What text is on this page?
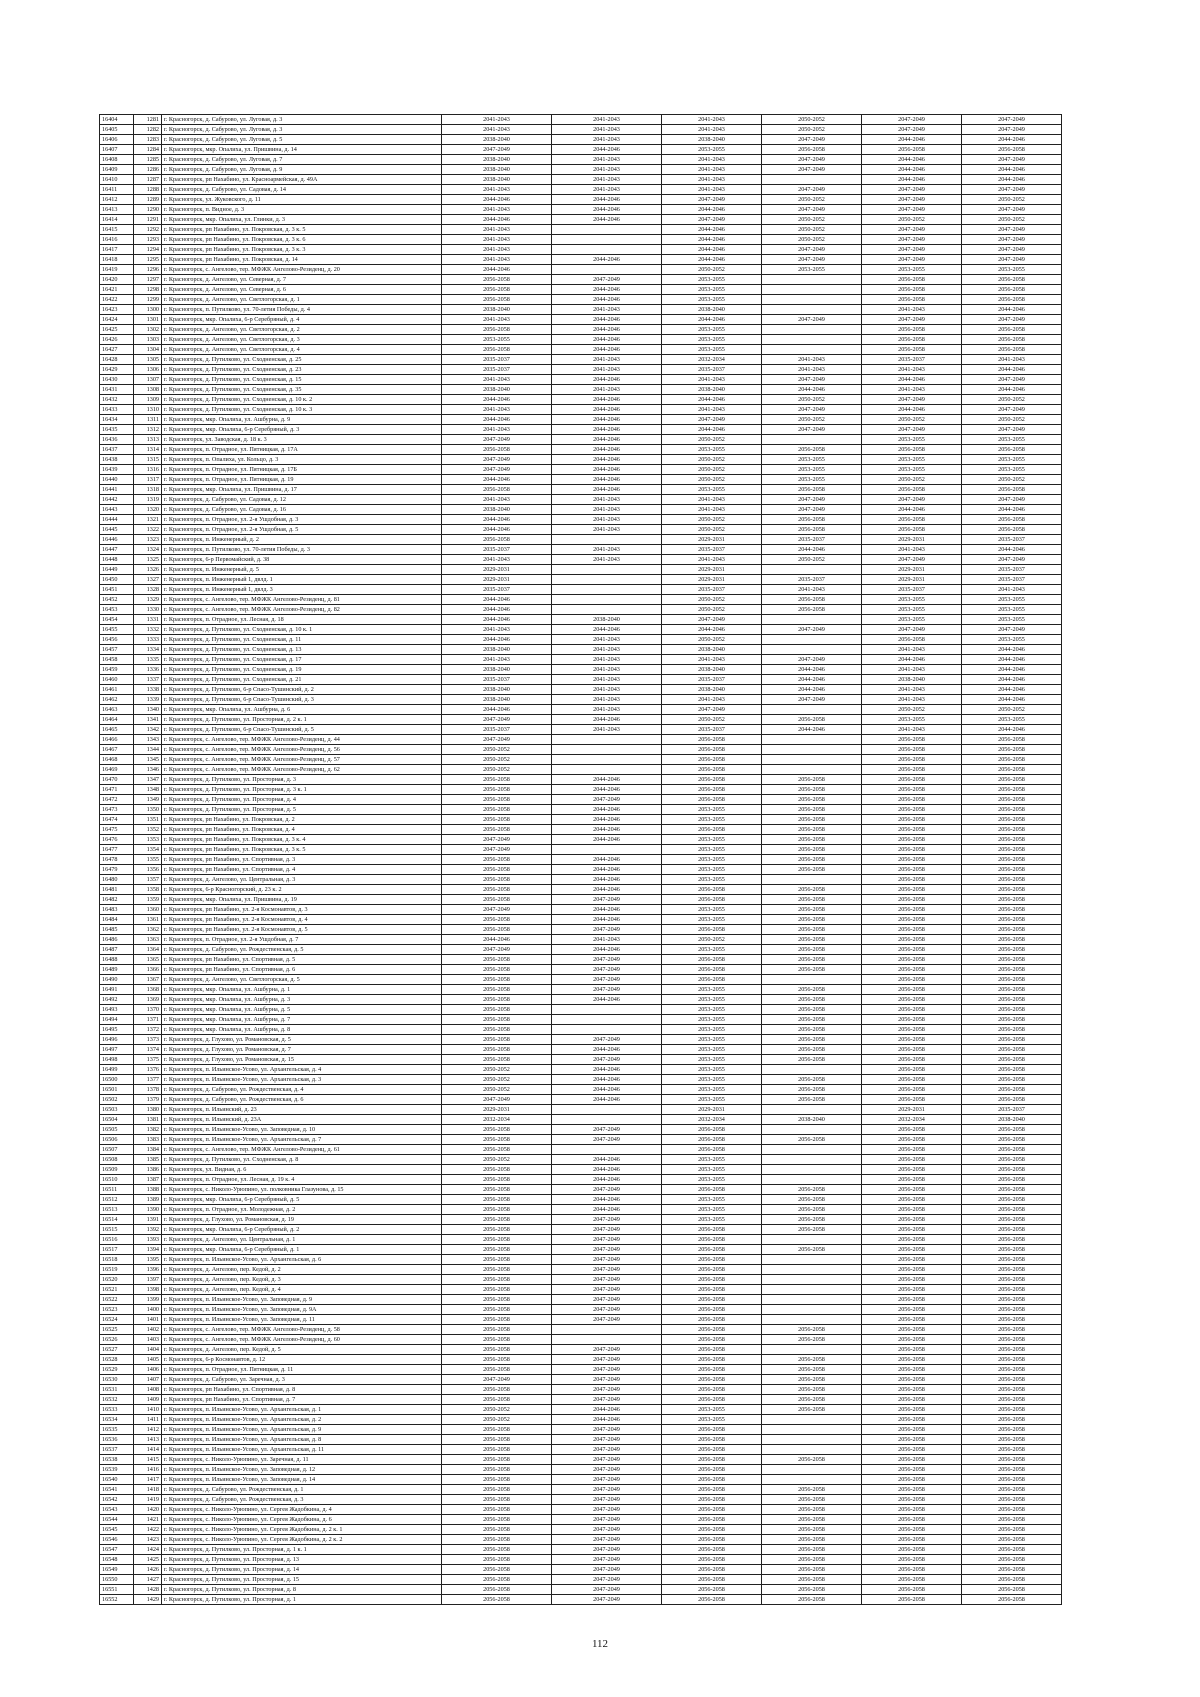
16404	1281	г. Красногорск, д. Сабурово, ул. Луговая, д. 3	2041-2043	2041-2043	2041-2043	2050-2052	2047-2049	2047-2049
16405	1282	г. Красногорск, д. Сабурово, ул. Луговая, д. 3	2041-2043	2041-2043	2041-2043	2050-2052	2047-2049	2047-2049
16406	1283	г. Красногорск, д. Сабурово, ул. Луговая, д. 5	2038-2040	2041-2043	2038-2040	2047-2049	2044-2046	2044-2046
16407	1284	г. Красногорск, мкр. Опалиха, ул. Пришвина, д. 14	2047-2049	2044-2046	2053-2055	2056-2058	2056-2058	2056-2058
16408	1285	г. Красногорск, д. Сабурово, ул. Луговая, д. 7	2038-2040	2041-2043	2041-2043	2047-2049	2044-2046	2047-2049
16409	1286	г. Красногорск, д. Сабурово, ул. Луговая, д. 9	2038-2040	2041-2043	2041-2043	2047-2049	2044-2046	2044-2046
16410	1287	г. Красногорск, рп Нахабино, ул. Красноармейская, д. 49А	2038-2040	2041-2043	2041-2043		2044-2046	2044-2046
16411	1288	г. Красногорск, д. Сабурово, ул. Садовая, д. 14	2041-2043	2041-2043	2041-2043	2047-2049	2047-2049	2047-2049
16412	1289	г. Красногорск, ул. Жуковского, д. 11	2044-2046	2044-2046	2047-2049	2050-2052	2047-2049	2050-2052
16413	1290	г. Красногорск, п. Видное, д. 3	2041-2043	2044-2046	2044-2046	2047-2049	2047-2049	2047-2049
16414	1291	г. Красногорск, мкр. Опалиха, ул. Глинки, д. 3	2044-2046	2044-2046	2047-2049	2050-2052	2050-2052	2050-2052
16415	1292	г. Красногорск, рп Нахабино, ул. Покровская, д. 3 к. 5	2041-2043		2044-2046	2050-2052	2047-2049	2047-2049
16416	1293	г. Красногорск, рп Нахабино, ул. Покровская, д. 3 к. 6	2041-2043		2044-2046	2050-2052	2047-2049	2047-2049
16417	1294	г. Красногорск, рп Нахабино, ул. Покровская, д. 3 к. 3	2041-2043		2044-2046	2047-2049	2047-2049	2047-2049
16418	1295	г. Красногорск, рп Нахабино, ул. Покровская, д. 14	2041-2043	2044-2046	2044-2046	2047-2049	2047-2049	2047-2049
16419	1296	г. Красногорск, с. Ангелово, тер. МФЖК Ангелово-Резиденц, д. 20	2044-2046		2050-2052	2053-2055	2053-2055	2053-2055
16420	1297	г. Красногорск, д. Ангелово, ул. Северная, д. 7	2056-2058	2047-2049	2053-2055		2056-2058	2056-2058
16421	1298	г. Красногорск, д. Ангелово, ул. Северная, д. 6	2056-2058	2044-2046	2053-2055		2056-2058	2056-2058
16422	1299	г. Красногорск, д. Ангелово, ул. Светлогорская, д. 1	2056-2058	2044-2046	2053-2055		2056-2058	2056-2058
16423	1300	г. Красногорск, п. Путилково, ул. 70-летия Победы, д. 4	2038-2040	2041-2043	2038-2040		2041-2043	2044-2046
16424	1301	г. Красногорск, мкр. Опалиха, 6-р Серебряный, д. 4	2041-2043	2044-2046	2044-2046	2047-2049	2047-2049	2047-2049
16425	1302	г. Красногорск, д. Ангелово, ул. Светлогорская, д. 2	2056-2058	2044-2046	2053-2055		2056-2058	2056-2058
16426	1303	г. Красногорск, д. Ангелово, ул. Светлогорская, д. 3	2053-2055	2044-2046	2053-2055		2056-2058	2056-2058
16427	1304	г. Красногорск, д. Ангелово, ул. Светлогорская, д. 4	2056-2058	2044-2046	2053-2055		2056-2058	2056-2058
16428	1305	г. Красногорск, д. Путилково, ул. Сходненская, д. 25	2035-2037	2041-2043	2032-2034	2041-2043	2035-2037	2041-2043
16429	1306	г. Красногорск, д. Путилково, ул. Сходненская, д. 23	2035-2037	2041-2043	2035-2037	2041-2043	2041-2043	2044-2046
16430	1307	г. Красногорск, д. Путилково, ул. Сходненская, д. 15	2041-2043	2044-2046	2041-2043	2047-2049	2044-2046	2047-2049
16431	1308	г. Красногорск, д. Путилково, ул. Сходненская, д. 35	2038-2040	2041-2043	2038-2040	2044-2046	2041-2043	2044-2046
16432	1309	г. Красногорск, д. Путилково, ул. Сходненская, д. 10 к. 2	2044-2046	2044-2046	2044-2046	2050-2052	2047-2049	2050-2052
16433	1310	г. Красногорск, д. Путилково, ул. Сходненская, д. 10 к. 3	2041-2043	2044-2046	2041-2043	2047-2049	2044-2046	2047-2049
16434	1311	г. Красногорск, мкр. Опалиха, ул. Ашбурна, д. 9	2044-2046	2044-2046	2047-2049	2050-2052	2050-2052	2050-2052
16435	1312	г. Красногорск, мкр. Опалиха, 6-р Серебряный, д. 3	2041-2043	2044-2046	2044-2046	2047-2049	2047-2049	2047-2049
16436	1313	г. Красногорск, ул. Заводская, д. 18 к. 3	2047-2049	2044-2046	2050-2052		2053-2055	2053-2055
16437	1314	г. Красногорск, п. Отрадное, ул. Пятницкая, д. 17А	2056-2058	2044-2046	2053-2055	2056-2058	2056-2058	2056-2058
16438	1315	г. Красногорск, п. Опалиха, ул. Кольцо, д. 3	2047-2049	2044-2046	2050-2052	2053-2055	2053-2055	2053-2055
16439	1316	г. Красногорск, п. Отрадное, ул. Пятницкая, д. 17Б	2047-2049	2044-2046	2050-2052	2053-2055	2053-2055	2053-2055
16440	1317	г. Красногорск, п. Отрадное, ул. Пятницкая, д. 19	2044-2046	2044-2046	2050-2052	2053-2055	2050-2052	2050-2052
16441	1318	г. Красногорск, мкр. Опалиха, ул. Пришвина, д. 17	2056-2058	2044-2046	2053-2055	2056-2058	2056-2058	2056-2058
16442	1319	г. Красногорск, д. Сабурово, ул. Садовая, д. 12	2041-2043	2041-2043	2041-2043	2047-2049	2047-2049	2047-2049
16443	1320	г. Красногорск, д. Сабурово, ул. Садовая, д. 16	2038-2040	2041-2043	2041-2043	2047-2049	2044-2046	2044-2046
16444	1321	г. Красногорск, п. Отрадное, ул. 2-я Ушдобная, д. 3	2044-2046	2041-2043	2050-2052	2056-2058	2056-2058	2056-2058
16445	1322	г. Красногорск, п. Отрадное, ул. 2-я Ушдобная, д. 5	2044-2046	2041-2043	2050-2052	2056-2058	2056-2058	2056-2058
16446	1323	г. Красногорск, п. Инженерный, д. 2	2056-2058		2029-2031	2035-2037	2029-2031	2035-2037
16447	1324	г. Красногорск, п. Путилково, ул. 70-летия Победы, д. 3	2035-2037	2041-2043	2035-2037	2044-2046	2041-2043	2044-2046
16448	1325	г. Красногорск, 6-р Первомайский, д. 38	2041-2043	2041-2043	2041-2043	2050-2052	2047-2049	2047-2049
16449	1326	г. Красногорск, п. Инженерный, д. 5	2029-2031		2029-2031		2029-2031	2035-2037
16450	1327	г. Красногорск, п. Инженерный 1, двлд. 1	2029-2031		2029-2031	2035-2037	2029-2031	2035-2037
16451	1328	г. Красногорск, п. Инженерный 1, двлд. 3	2035-2037		2035-2037	2041-2043	2035-2037	2041-2043
16452	1329	г. Красногорск, с. Ангелово, тер. МФЖК Ангелово-Резиденц, д. 81	2044-2046		2050-2052	2056-2058	2053-2055	2053-2055
16453	1330	г. Красногорск, с. Ангелово, тер. МФЖК Ангелово-Резиденц, д. 82	2044-2046		2050-2052	2056-2058	2053-2055	2053-2055
16454	1331	г. Красногорск, п. Отрадное, ул. Лесная, д. 18	2044-2046	2038-2040	2047-2049		2053-2055	2053-2055
16455	1332	г. Красногорск, д. Путилково, ул. Сходненская, д. 10 к. 1	2041-2043	2044-2046	2044-2046	2047-2049	2047-2049	2047-2049
16456	1333	г. Красногорск, д. Путилково, ул. Сходненская, д. 11	2044-2046	2041-2043	2050-2052		2056-2058	2053-2055
16457	1334	г. Красногорск, д. Путилково, ул. Сходненская, д. 13	2038-2040	2041-2043	2038-2040		2041-2043	2044-2046
16458	1335	г. Красногорск, д. Путилково, ул. Сходненская, д. 17	2041-2043	2041-2043	2041-2043	2047-2049	2044-2046	2044-2046
16459	1336	г. Красногорск, д. Путилково, ул. Сходненская, д. 19	2038-2040	2041-2043	2038-2040	2044-2046	2041-2043	2044-2046
16460	1337	г. Красногорск, д. Путилково, ул. Сходненская, д. 21	2035-2037	2041-2043	2035-2037	2044-2046	2038-2040	2044-2046
16461	1338	г. Красногорск, д. Путилково, 6-р Спасо-Тушинский, д. 2	2038-2040	2041-2043	2038-2040	2044-2046	2041-2043	2044-2046
16462	1339	г. Красногорск, д. Путилково, 6-р Спасо-Тушинский, д. 3	2038-2040	2041-2043	2041-2043	2047-2049	2041-2043	2044-2046
16463	1340	г. Красногорск, мкр. Опалиха, ул. Ашбурна, д. 6	2044-2046	2041-2043	2047-2049		2050-2052	2050-2052
16464	1341	г. Красногорск, д. Путилково, ул. Просторная, д. 2 к. 1	2047-2049	2044-2046	2050-2052	2056-2058	2053-2055	2053-2055
16465	1342	г. Красногорск, д. Путилково, 6-р Спасо-Тушинский, д. 5	2035-2037	2041-2043	2035-2037	2044-2046	2041-2043	2044-2046
16466	1343	г. Красногорск, с. Ангелово, тер. МФЖК Ангелово-Резиденц, д. 44	2047-2049		2056-2058		2056-2058	2056-2058
16467	1344	г. Красногорск, с. Ангелово, тер. МФЖК Ангелово-Резиденц, д. 56	2050-2052		2056-2058		2056-2058	2056-2058
16468	1345	г. Красногорск, с. Ангелово, тер. МФЖК Ангелово-Резиденц, д. 57	2050-2052		2056-2058		2056-2058	2056-2058
16469	1346	г. Красногорск, с. Ангелово, тер. МФЖК Ангелово-Резиденц, д. 62	2050-2052		2056-2058		2056-2058	2056-2058
16470	1347	г. Красногорск, д. Путилково, ул. Просторная, д. 3	2056-2058	2044-2046	2056-2058	2056-2058	2056-2058	2056-2058
16471	1348	г. Красногорск, д. Путилково, ул. Просторная, д. 3 к. 1	2056-2058	2044-2046	2056-2058	2056-2058	2056-2058	2056-2058
16472	1349	г. Красногорск, д. Путилково, ул. Просторная, д. 4	2056-2058	2047-2049	2056-2058	2056-2058	2056-2058	2056-2058
16473	1350	г. Красногорск, д. Путилково, ул. Просторная, д. 5	2056-2058	2044-2046	2053-2055	2056-2058	2056-2058	2056-2058
16474	1351	г. Красногорск, рп Нахабино, ул. Покровская, д. 2	2056-2058	2044-2046	2053-2055	2056-2058	2056-2058	2056-2058
16475	1352	г. Красногорск, рп Нахабино, ул. Покровская, д. 4	2056-2058	2044-2046	2056-2058	2056-2058	2056-2058	2056-2058
16476	1353	г. Красногорск, рп Нахабино, ул. Покровская, д. 3 к. 4	2047-2049	2044-2046	2053-2055	2056-2058	2056-2058	2056-2058
16477	1354	г. Красногорск, рп Нахабино, ул. Покровская, д. 3 к. 5	2047-2049		2053-2055	2056-2058	2056-2058	2056-2058
16478	1355	г. Красногорск, рп Нахабино, ул. Спортивная, д. 3	2056-2058	2044-2046	2053-2055	2056-2058	2056-2058	2056-2058
16479	1356	г. Красногорск, рп Нахабино, ул. Спортивная, д. 4	2056-2058	2044-2046	2053-2055	2056-2058	2056-2058	2056-2058
16480	1357	г. Красногорск, д. Ангелово, ул. Центральная, д. 3	2056-2058	2044-2046	2053-2055		2056-2058	2056-2058
16481	1358	г. Красногорск, 6-р Красногорский, д. 23 к. 2	2056-2058	2044-2046	2056-2058	2056-2058	2056-2058	2056-2058
16482	1359	г. Красногорск, мкр. Опалиха, ул. Пришвина, д. 19	2056-2058	2047-2049	2056-2058	2056-2058	2056-2058	2056-2058
16483	1360	г. Красногорск, рп Нахабино, ул. 2-я Космонавтов, д. 3	2047-2049	2044-2046	2053-2055	2056-2058	2056-2058	2056-2058
16484	1361	г. Красногорск, рп Нахабино, ул. 2-я Космонавтов, д. 4	2056-2058	2044-2046	2053-2055	2056-2058	2056-2058	2056-2058
16485	1362	г. Красногорск, рп Нахабино, ул. 2-я Космонавтов, д. 5	2056-2058	2047-2049	2056-2058	2056-2058	2056-2058	2056-2058
16486	1363	г. Красногорск, п. Отрадное, ул. 2-я Ушдобная, д. 7	2044-2046	2041-2043	2050-2052	2056-2058	2056-2058	2056-2058
16487	1364	г. Красногорск, д. Сабурово, ул. Рождественская, д. 5	2047-2049	2044-2046	2053-2055	2056-2058	2056-2058	2056-2058
16488	1365	г. Красногорск, рп Нахабино, ул. Спортивная, д. 5	2056-2058	2047-2049	2056-2058	2056-2058	2056-2058	2056-2058
16489	1366	г. Красногорск, рп Нахабино, ул. Спортивная, д. 6	2056-2058	2047-2049	2056-2058	2056-2058	2056-2058	2056-2058
16490	1367	г. Красногорск, д. Ангелово, ул. Светлогорская, д. 5	2056-2058	2047-2049	2056-2058		2056-2058	2056-2058
16491	1368	г. Красногорск, мкр. Опалиха, ул. Ашбурна, д. 1	2056-2058	2047-2049	2053-2055	2056-2058	2056-2058	2056-2058
16492	1369	г. Красногорск, мкр. Опалиха, ул. Ашбурна, д. 3	2056-2058	2044-2046	2053-2055	2056-2058	2056-2058	2056-2058
16493	1370	г. Красногорск, мкр. Опалиха, ул. Ашбурна, д. 5	2056-2058		2053-2055	2056-2058	2056-2058	2056-2058
16494	1371	г. Красногорск, мкр. Опалиха, ул. Ашбурна, д. 7	2056-2058		2053-2055	2056-2058	2056-2058	2056-2058
16495	1372	г. Красногорск, мкр. Опалиха, ул. Ашбурна, д. 8	2056-2058		2053-2055	2056-2058	2056-2058	2056-2058
16496	1373	г. Красногорск, д. Глухово, ул. Романовская, д. 5	2056-2058	2047-2049	2053-2055	2056-2058	2056-2058	2056-2058
16497	1374	г. Красногорск, д. Глухово, ул. Романовская, д. 7	2056-2058	2044-2046	2053-2055	2056-2058	2056-2058	2056-2058
16498	1375	г. Красногорск, д. Глухово, ул. Романовская, д. 15	2056-2058	2047-2049	2053-2055	2056-2058	2056-2058	2056-2058
16499	1376	г. Красногорск, п. Ильинское-Усово, ул. Архангельская, д. 4	2050-2052	2044-2046	2053-2055		2056-2058	2056-2058
16500	1377	г. Красногорск, п. Ильинское-Усово, ул. Архангельская, д. 3	2050-2052	2044-2046	2053-2055	2056-2058	2056-2058	2056-2058
16501	1378	г. Красногорск, д. Сабурово, ул. Рождественская, д. 4	2050-2052	2044-2046	2053-2055	2056-2058	2056-2058	2056-2058
16502	1379	г. Красногорск, д. Сабурово, ул. Рождественская, д. 6	2047-2049	2044-2046	2053-2055	2056-2058	2056-2058	2056-2058
16503	1380	г. Красногорск, п. Ильинский, д. 23	2029-2031		2029-2031		2029-2031	2035-2037
16504	1381	г. Красногорск, п. Ильинский, д. 23А	2032-2034		2032-2034	2038-2040	2032-2034	2038-2040
16505	1382	г. Красногорск, п. Ильинское-Усово, ул. Заповедная, д. 10	2056-2058	2047-2049	2056-2058		2056-2058	2056-2058
16506	1383	г. Красногорск, п. Ильинское-Усово, ул. Архангельская, д. 7	2056-2058	2047-2049	2056-2058	2056-2058	2056-2058	2056-2058
16507	1384	г. Красногорск, с. Ангелово, тер. МФЖК Ангелово-Резиденц, д. 61	2056-2058		2056-2058		2056-2058	2056-2058
16508	1385	г. Красногорск, д. Путилково, ул. Сходненская, д. 8	2050-2052	2044-2046	2053-2055		2056-2058	2056-2058
16509	1386	г. Красногорск, ул. Видная, д. 6	2056-2058	2044-2046	2053-2055		2056-2058	2056-2058
16510	1387	г. Красногорск, п. Отрадное, ул. Лесная, д. 19 к. 4	2056-2058	2044-2046	2053-2055		2056-2058	2056-2058
16511	1388	г. Красногорск, с. Николо-Урюпино, ул. полковника Глазунова, д. 15	2056-2058	2047-2049	2056-2058	2056-2058	2056-2058	2056-2058
16512	1389	г. Красногорск, мкр. Опалиха, 6-р Серебряный, д. 5	2056-2058	2044-2046	2053-2055	2056-2058	2056-2058	2056-2058
16513	1390	г. Красногорск, п. Отрадное, ул. Молодежная, д. 2	2056-2058	2044-2046	2053-2055	2056-2058	2056-2058	2056-2058
16514	1391	г. Красногорск, д. Глухово, ул. Романовская, д. 19	2056-2058	2047-2049	2053-2055	2056-2058	2056-2058	2056-2058
16515	1392	г. Красногорск, мкр. Опалиха, 6-р Серебряный, д. 2	2056-2058	2047-2049	2056-2058	2056-2058	2056-2058	2056-2058
16516	1393	г. Красногорск, д. Ангелово, ул. Центральная, д. 1	2056-2058	2047-2049	2056-2058		2056-2058	2056-2058
16517	1394	г. Красногорск, мкр. Опалиха, 6-р Серебряный, д. 1	2056-2058	2047-2049	2056-2058	2056-2058	2056-2058	2056-2058
16518	1395	г. Красногорск, п. Ильинское-Усово, ул. Архангельская, д. 6	2056-2058	2047-2049	2056-2058		2056-2058	2056-2058
16519	1396	г. Красногорск, д. Ангелово, пер. Кедой, д. 2	2056-2058	2047-2049	2056-2058		2056-2058	2056-2058
16520	1397	г. Красногорск, д. Ангелово, пер. Кедой, д. 3	2056-2058	2047-2049	2056-2058		2056-2058	2056-2058
16521	1398	г. Красногорск, д. Ангелово, пер. Кедой, д. 4	2056-2058	2047-2049	2056-2058		2056-2058	2056-2058
16522	1399	г. Красногорск, п. Ильинское-Усово, ул. Заповедная, д. 9	2056-2058	2047-2049	2056-2058		2056-2058	2056-2058
16523	1400	г. Красногорск, п. Ильинское-Усово, ул. Заповедная, д. 9А	2056-2058	2047-2049	2056-2058		2056-2058	2056-2058
16524	1401	г. Красногорск, п. Ильинское-Усово, ул. Заповедная, д. 11	2056-2058	2047-2049	2056-2058		2056-2058	2056-2058
16525	1402	г. Красногорск, с. Ангелово, тер. МФЖК Ангелово-Резиденц, д. 58	2056-2058		2056-2058	2056-2058	2056-2058	2056-2058
16526	1403	г. Красногорск, с. Ангелово, тер. МФЖК Ангелово-Резиденц, д. 60	2056-2058		2056-2058	2056-2058	2056-2058	2056-2058
16527	1404	г. Красногорск, д. Ангелово, пер. Кедой, д. 5	2056-2058	2047-2049	2056-2058		2056-2058	2056-2058
16528	1405	г. Красногорск, 6-р Космонавтов, д. 12	2056-2058	2047-2049	2056-2058	2056-2058	2056-2058	2056-2058
16529	1406	г. Красногорск, п. Отрадное, ул. Пятницкая, д. 11	2056-2058	2047-2049	2056-2058	2056-2058	2056-2058	2056-2058
16530	1407	г. Красногорск, д. Сабурово, ул. Заречная, д. 3	2047-2049	2047-2049	2056-2058	2056-2058	2056-2058	2056-2058
16531	1408	г. Красногорск, рп Нахабино, ул. Спортивная, д. 8	2056-2058	2047-2049	2056-2058	2056-2058	2056-2058	2056-2058
16532	1409	г. Красногорск, рп Нахабино, ул. Спортивная, д. 7	2056-2058	2047-2049	2056-2058	2056-2058	2056-2058	2056-2058
16533	1410	г. Красногорск, п. Ильинское-Усово, ул. Архангельская, д. 1	2050-2052	2044-2046	2053-2055	2056-2058	2056-2058	2056-2058
16534	1411	г. Красногорск, п. Ильинское-Усово, ул. Архангельская, д. 2	2050-2052	2044-2046	2053-2055		2056-2058	2056-2058
16535	1412	г. Красногорск, п. Ильинское-Усово, ул. Архангельская, д. 9	2056-2058	2047-2049	2056-2058		2056-2058	2056-2058
16536	1413	г. Красногорск, п. Ильинское-Усово, ул. Архангельская, д. 8	2056-2058	2047-2049	2056-2058		2056-2058	2056-2058
16537	1414	г. Красногорск, п. Ильинское-Усово, ул. Архангельская, д. 11	2056-2058	2047-2049	2056-2058		2056-2058	2056-2058
16538	1415	г. Красногорск, с. Николо-Урюпино, ул. Заречная, д. 11	2056-2058	2047-2049	2056-2058	2056-2058	2056-2058	2056-2058
16539	1416	г. Красногорск, п. Ильинское-Усово, ул. Заповедная, д. 12	2056-2058	2047-2049	2056-2058		2056-2058	2056-2058
16540	1417	г. Красногорск, п. Ильинское-Усово, ул. Заповедная, д. 14	2056-2058	2047-2049	2056-2058		2056-2058	2056-2058
16541	1418	г. Красногорск, д. Сабурово, ул. Рождественская, д. 1	2056-2058	2047-2049	2056-2058	2056-2058	2056-2058	2056-2058
16542	1419	г. Красногорск, д. Сабурово, ул. Рождественская, д. 3	2056-2058	2047-2049	2056-2058	2056-2058	2056-2058	2056-2058
16543	1420	г. Красногорск, с. Николо-Урюпино, ул. Сергея Жадобкина, д. 4	2056-2058	2047-2049	2056-2058	2056-2058	2056-2058	2056-2058
16544	1421	г. Красногорск, с. Николо-Урюпино, ул. Сергея Жадобкина, д. 6	2056-2058	2047-2049	2056-2058	2056-2058	2056-2058	2056-2058
16545	1422	г. Красногорск, с. Николо-Урюпино, ул. Сергея Жадобкина, д. 2 к. 1	2056-2058	2047-2049	2056-2058	2056-2058	2056-2058	2056-2058
16546	1423	г. Красногорск, с. Николо-Урюпино, ул. Сергея Жадобкина, д. 2 к. 2	2056-2058	2047-2049	2056-2058	2056-2058	2056-2058	2056-2058
16547	1424	г. Красногорск, д. Путилково, ул. Просторная, д. 1 к. 1	2056-2058	2047-2049	2056-2058	2056-2058	2056-2058	2056-2058
16548	1425	г. Красногорск, д. Путилково, ул. Просторная, д. 13	2056-2058	2047-2049	2056-2058	2056-2058	2056-2058	2056-2058
16549	1426	г. Красногорск, д. Путилково, ул. Просторная, д. 14	2056-2058	2047-2049	2056-2058	2056-2058	2056-2058	2056-2058
16550	1427	г. Красногорск, д. Путилково, ул. Просторная, д. 15	2056-2058	2047-2049	2056-2058	2056-2058	2056-2058	2056-2058
16551	1428	г. Красногорск, д. Путилково, ул. Просторная, д. 8	2056-2058	2047-2049	2056-2058	2056-2058	2056-2058	2056-2058
16552	1429	г. Красногорск, д. Путилково, ул. Просторная, д. 1	2056-2058	2047-2049	2056-2058	2056-2058	2056-2058	2056-2058
112
